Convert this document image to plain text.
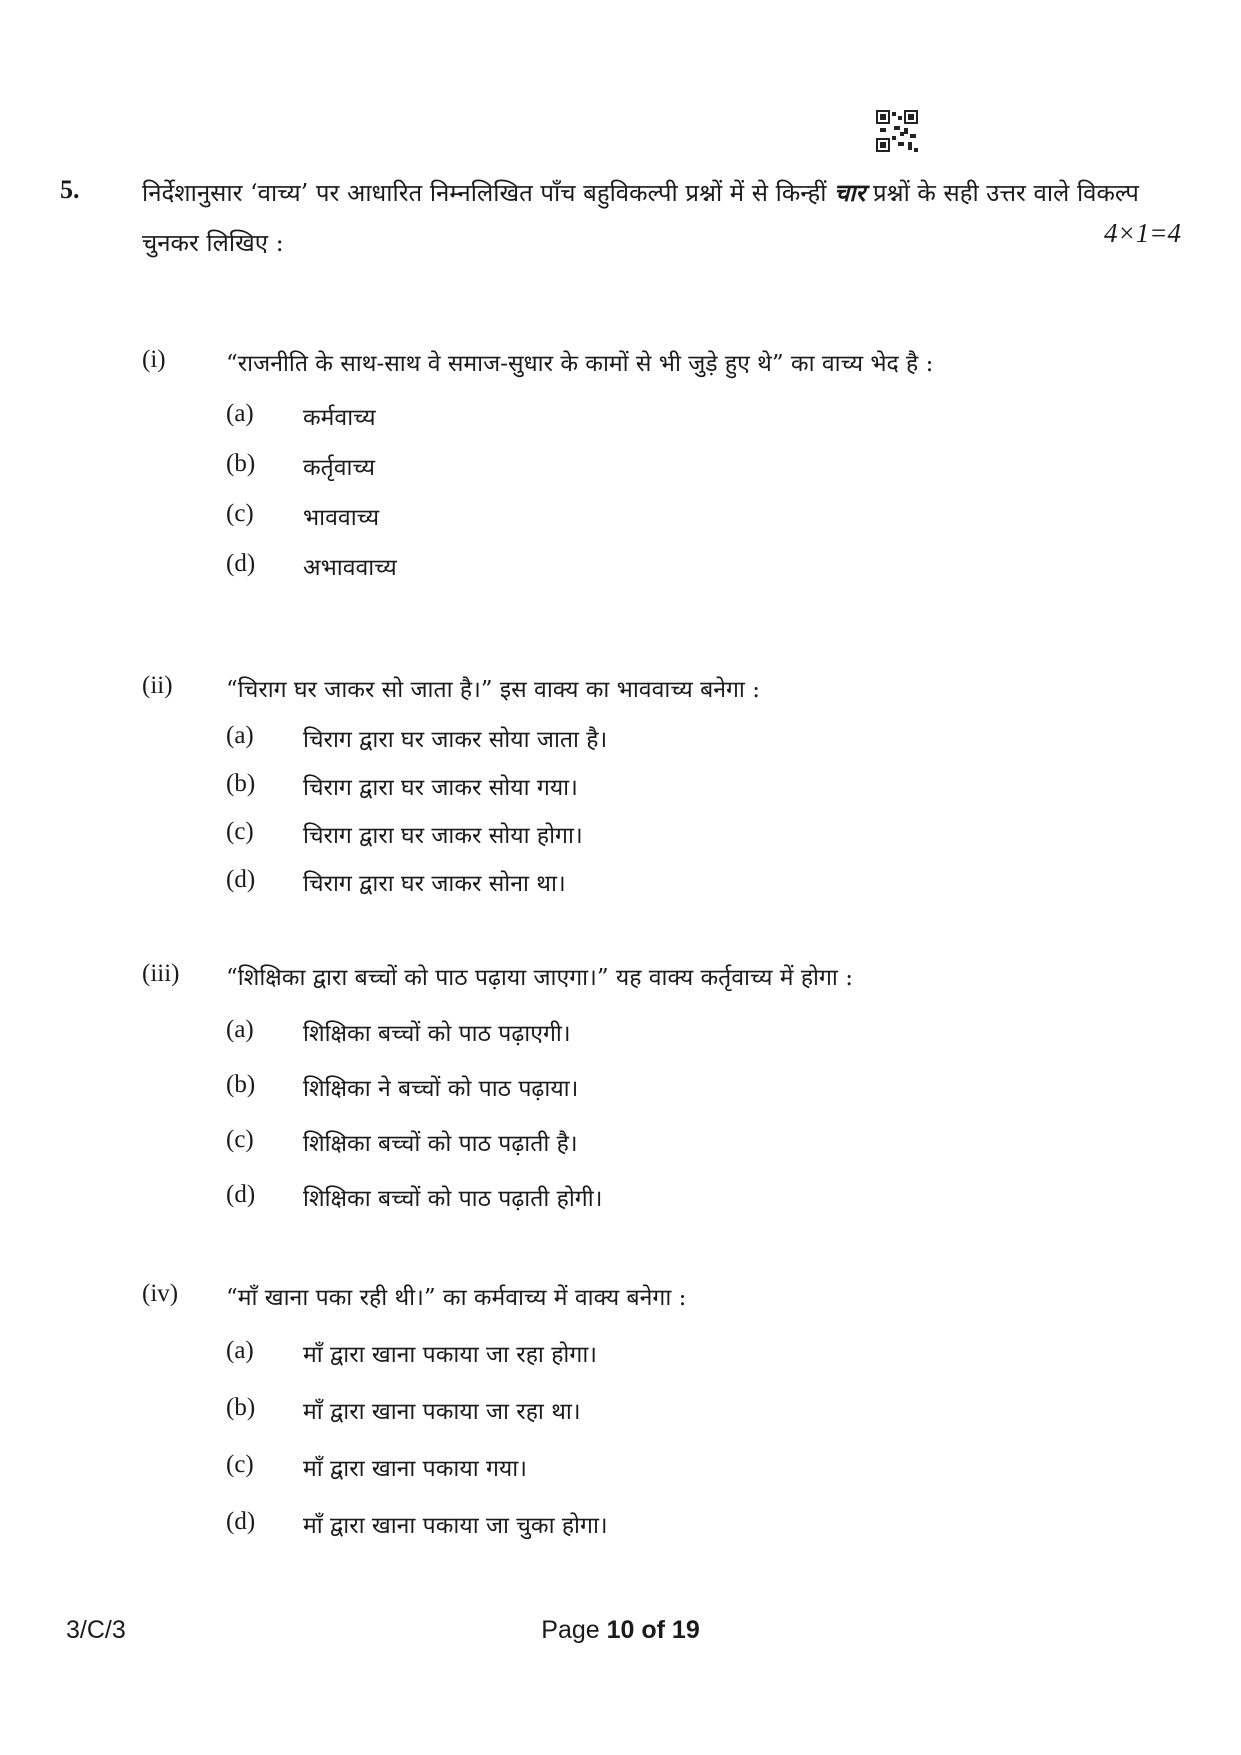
5.	निर्देशानुसार ‘वाच्य’ पर आधारित निम्नलिखित पाँच बहुविकल्पी प्रश्नों में से किन्हीं चार प्रश्नों के सही उत्तर वाले विकल्प चुनकर लिखिए :	4×1=4
(i)	“राजनीति के साथ-साथ वे समाज-सुधार के कामों से भी जुड़े हुए थे” का वाच्य भेद है :
(a) कर्मवाच्य
(b) कर्तृवाच्य
(c) भाववाच्य
(d) अभाववाच्य
(ii) “चिराग घर जाकर सो जाता है।” इस वाक्य का भाववाच्य बनेगा :
(a) चिराग द्वारा घर जाकर सोया जाता है।
(b) चिराग द्वारा घर जाकर सोया गया।
(c) चिराग द्वारा घर जाकर सोया होगा।
(d) चिराग द्वारा घर जाकर सोना था।
(iii) “शिक्षिका द्वारा बच्चों को पाठ पढ़ाया जाएगा।” यह वाक्य कर्तृवाच्य में होगा :
(a) शिक्षिका बच्चों को पाठ पढ़ाएगी।
(b) शिक्षिका ने बच्चों को पाठ पढ़ाया।
(c) शिक्षिका बच्चों को पाठ पढ़ाती है।
(d) शिक्षिका बच्चों को पाठ पढ़ाती होगी।
(iv) “माँ खाना पका रही थी।” का कर्मवाच्य में वाक्य बनेगा :
(a) माँ द्वारा खाना पकाया जा रहा होगा।
(b) माँ द्वारा खाना पकाया जा रहा था।
(c) माँ द्वारा खाना पकाया गया।
(d) माँ द्वारा खाना पकाया जा चुका होगा।
3/C/3	Page 10 of 19
